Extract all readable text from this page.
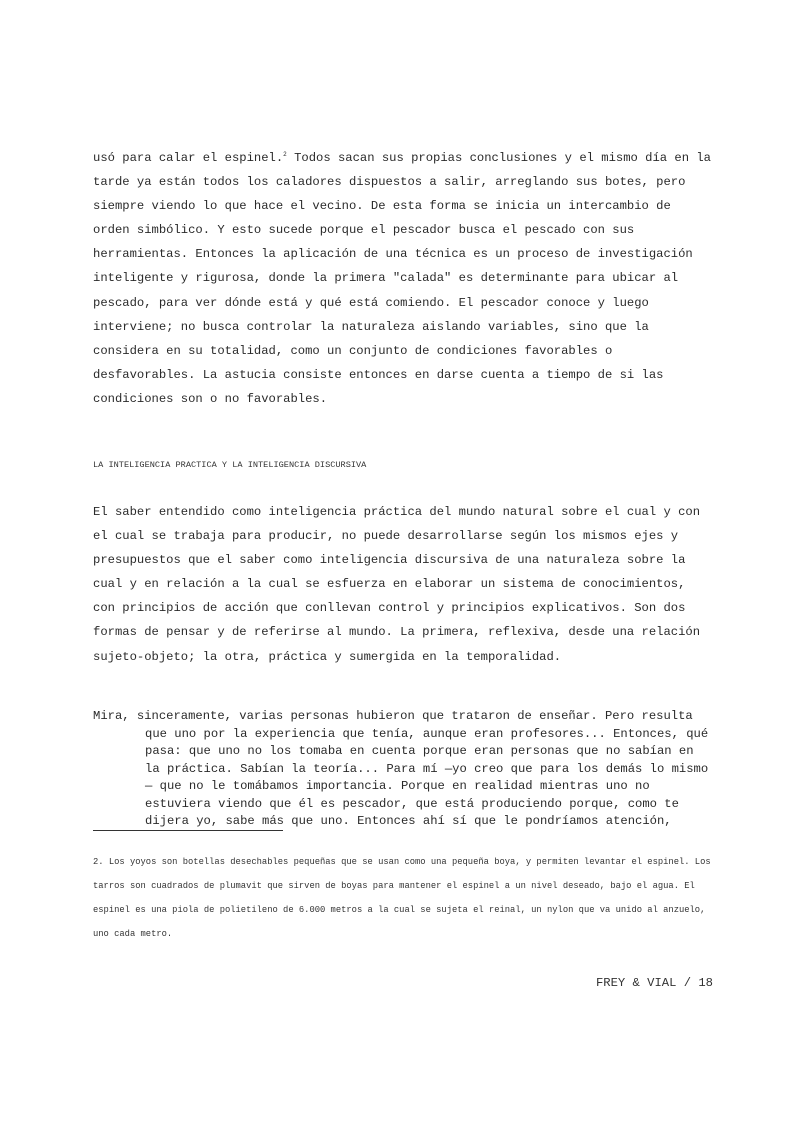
usó para calar el espinel.$^2$ Todos sacan sus propias conclusiones y el mismo día en la tarde ya están todos los caladores dispuestos a salir, arreglando sus botes, pero siempre viendo lo que hace el vecino. De esta forma se inicia un intercambio de orden simbólico. Y esto sucede porque el pescador busca el pescado con sus herramientas. Entonces la aplicación de una técnica es un proceso de investigación inteligente y rigurosa, donde la primera "calada" es determinante para ubicar al pescado, para ver dónde está y qué está comiendo. El pescador conoce y luego interviene; no busca controlar la naturaleza aislando variables, sino que la considera en su totalidad, como un conjunto de condiciones favorables o desfavorables. La astucia consiste entonces en darse cuenta a tiempo de si las condiciones son o no favorables.

LA INTELIGENCIA PRACTICA Y LA INTELIGENCIA DISCURSIVA

El saber entendido como inteligencia práctica del mundo natural sobre el cual y con el cual se trabaja para producir, no puede desarrollarse según los mismos ejes y presupuestos que el saber como inteligencia discursiva de una naturaleza sobre la cual y en relación a la cual se esfuerza en elaborar un sistema de conocimientos, con principios de acción que conllevan control y principios explicativos. Son dos formas de pensar y de referirse al mundo. La primera, reflexiva, desde una relación sujeto-objeto; la otra, práctica y sumergida en la temporalidad.

Mira, sinceramente, varias personas hubieron que trataron de enseñar. Pero resulta que uno por la experiencia que tenía, aunque eran profesores... Entonces, qué pasa: que uno no los tomaba en cuenta porque eran personas que no sabían en la práctica. Sabían la teoría... Para mí —yo creo que para los demás lo mismo— que no le tomábamos importancia. Porque en realidad mientras uno no estuviera viendo que él es pescador, que está produciendo porque, como te dijera yo, sabe más que uno. Entonces ahí sí que le pondríamos atención,

2. Los yoyos son botellas desechables pequeñas que se usan como una pequeña boya, y permiten levantar el espinel. Los tarros son cuadrados de plumavit que sirven de boyas para mantener el espinel a un nivel deseado, bajo el agua. El espinel es una piola de polietileno de 6.000 metros a la cual se sujeta el reinal, un nylon que va unido al anzuelo, uno cada metro.

FREY & VIAL / 18
